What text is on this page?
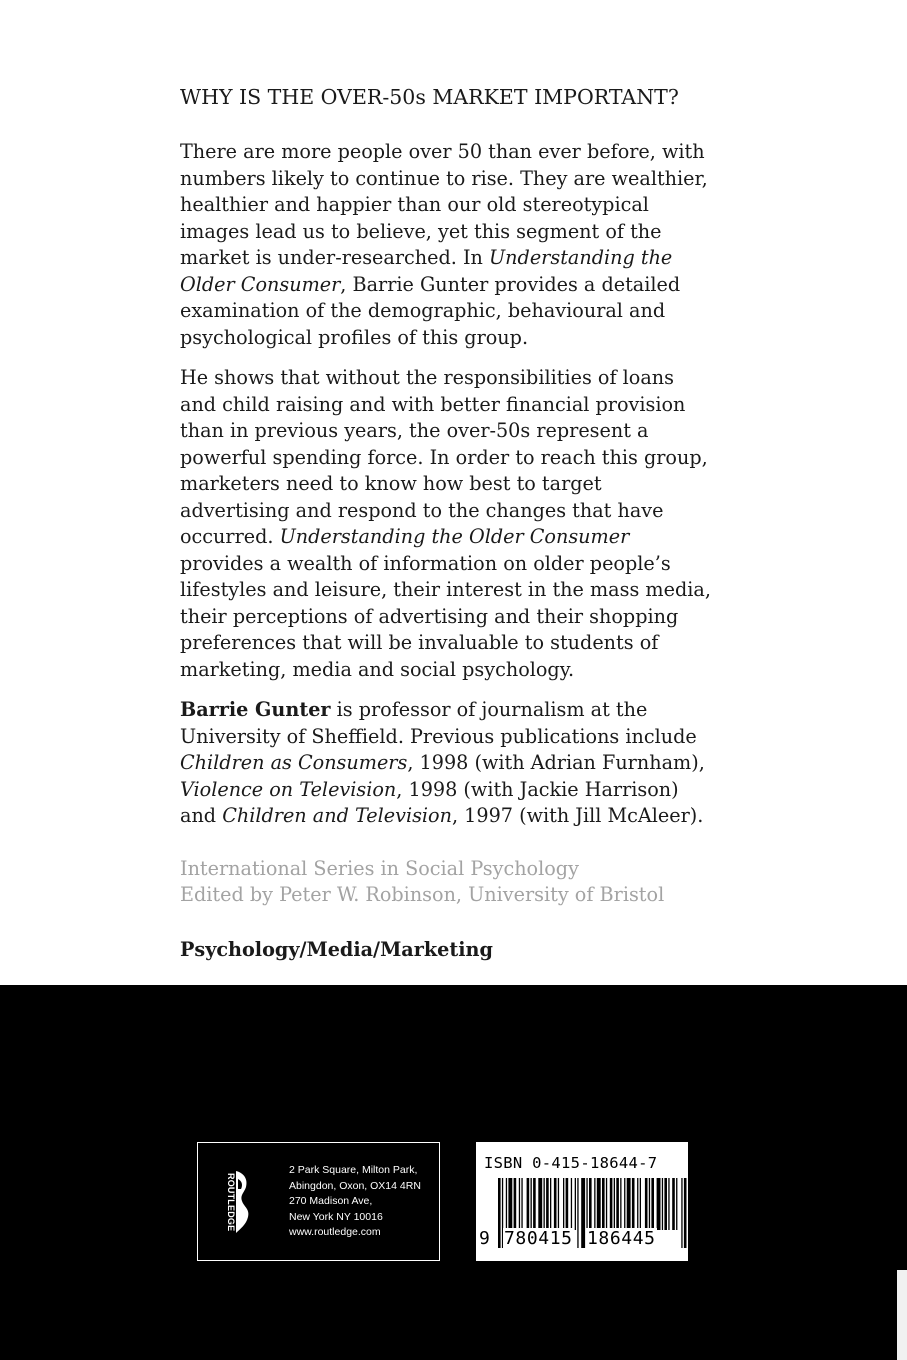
WHY IS THE OVER-50s MARKET IMPORTANT?

There are more people over 50 than ever before, with numbers likely to continue to rise. They are wealthier, healthier and happier than our old stereotypical images lead us to believe, yet this segment of the market is under-researched. In Understanding the Older Consumer, Barrie Gunter provides a detailed examination of the demographic, behavioural and psychological profiles of this group.

He shows that without the responsibilities of loans and child raising and with better financial provision than in previous years, the over-50s represent a powerful spending force. In order to reach this group, marketers need to know how best to target advertising and respond to the changes that have occurred. Understanding the Older Consumer provides a wealth of information on older people’s lifestyles and leisure, their interest in the mass media, their perceptions of advertising and their shopping preferences that will be invaluable to students of marketing, media and social psychology.

Barrie Gunter is professor of journalism at the University of Sheffield. Previous publications include Children as Consumers, 1998 (with Adrian Furnham), Violence on Television, 1998 (with Jackie Harrison) and Children and Television, 1997 (with Jill McAleer).

International Series in Social Psychology
Edited by Peter W. Robinson, University of Bristol
Psychology/Media/Marketing
ROUTLEDGE
2 Park Square, Milton Park,
Abingdon, Oxon, OX14 4RN
270 Madison Ave,
New York NY 10016
www.routledge.com
ISBN 0-415-18644-7
9 780415 186445
